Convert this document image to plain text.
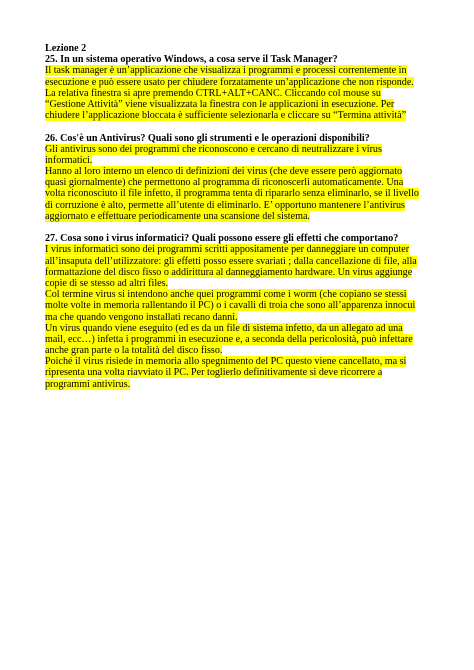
Lezione 2
25. In un sistema operativo Windows, a cosa serve il Task Manager?
Il task manager è un’applicazione che visualizza i programmi e processi correntemente in
esecuzione e può essere usato per chiudere forzatamente un’applicazione che non risponde.
La relativa finestra si apre premendo CTRL+ALT+CANC. Cliccando col mouse su
“Gestione Attività” viene visualizzata la finestra con le applicazioni in esecuzione. Per
chiudere l’applicazione bloccata è sufficiente selezionarla e cliccare su “Termina attività”
26. Cos'è un Antivirus? Quali sono gli strumenti e le operazioni disponibili?
Gli antivirus sono dei programmi che riconoscono e cercano di neutralizzare i virus
informatici.
Hanno al loro interno un elenco di definizioni dei virus (che deve essere però aggiornato
quasi giornalmente) che permettono al programma di riconoscerli automaticamente. Una
volta riconosciuto il file infetto, il programma tenta di ripararlo senza eliminarlo, se il livello
di corruzione è alto, permette all’utente di eliminarlo. E’ opportuno mantenere l’antivirus
aggiornato e effettuare periodicamente una scansione del sistema.
27. Cosa sono i virus informatici? Quali possono essere gli effetti che comportano?
I virus informatici sono dei programmi scritti appositamente per danneggiare un computer
all’insaputa dell’utilizzatore: gli effetti posso essere svariati ; dalla cancellazione di file, alla
formattazione del disco fisso o addirittura al danneggiamento hardware. Un virus aggiunge
copie di se stesso ad altri files.
Col termine virus si intendono anche quei programmi come i worm (che copiano se stessi
molte volte in memoria rallentando il PC) o i cavalli di troia che sono all’apparenza innocui
ma che quando vengono installati recano danni.
Un virus quando viene eseguito (ed es da un file di sistema infetto, da un allegato ad una
mail, ecc…) infetta i programmi in esecuzione e, a seconda della pericolosità, può infettare
anche gran parte o la totalità del disco fisso.
Poiché il virus risiede in memoria allo spegnimento del PC questo viene cancellato, ma si
ripresenta una volta riavviato il PC. Per toglierlo definitivamente si deve ricorrere a
programmi antivirus.
